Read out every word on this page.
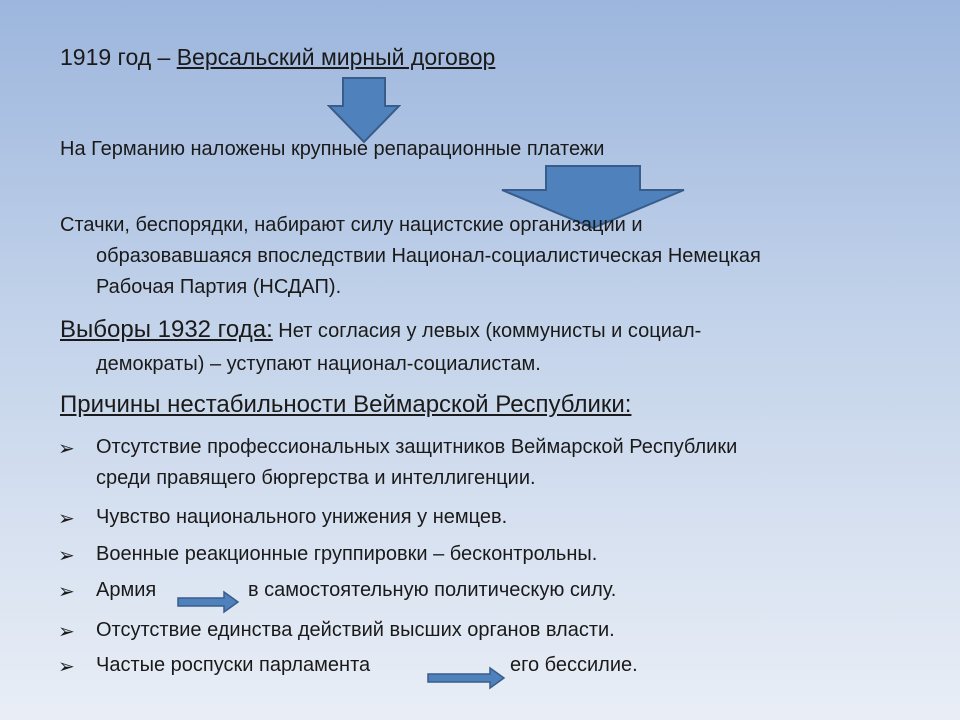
1919 год – Версальский мирный договор
На Германию наложены крупные репарационные платежи
Стачки, беспорядки, набирают силу нацистские организации и
образовавшаяся впоследствии Национал-социалистическая Немецкая
Рабочая Партия (НСДАП).
Выборы 1932 года: Нет согласия у левых (коммунисты и социал-
демократы) – уступают национал-социалистам.
Причины нестабильности Веймарской Республики:
➢ Отсутствие профессиональных защитников Веймарской Республики
среди правящего бюргерства и интеллигенции.
➢ Чувство национального унижения у немцев.
➢ Военные реакционные группировки – бесконтрольны.
➢ Армия	в самостоятельную политическую силу.
➢ Отсутствие единства действий высших органов власти.
➢ Частые роспуски парламента	его бессилие.
